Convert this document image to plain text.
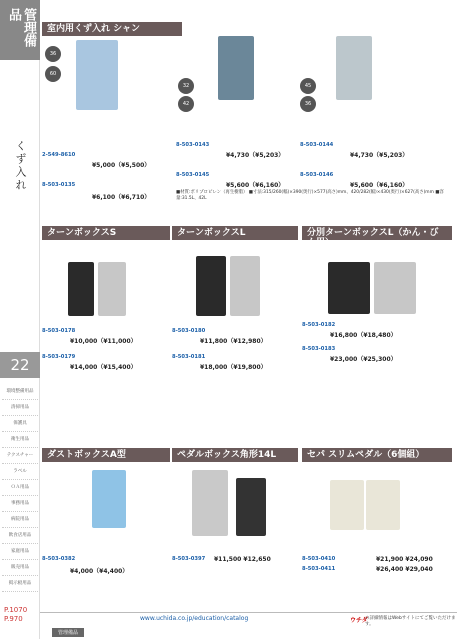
管理備品
くず入れ
22
環境整備用品
清掃用品
保護具
衛生用品
テクスチャー
ラベル
ＯＡ用品
事務用品
病院用品
飲食店用品
家庭用品
販売用品
掲示板用品
P.1070
P.970
室内用くず入れ シャン
36
60
32
42
45
36
2-549-8610
¥5,000（¥5,500）
8-503-0135
¥6,100（¥6,710）
8-503-0143
¥4,730（¥5,203）
8-503-0144
¥4,730（¥5,203）
8-503-0145
¥5,600（¥6,160）
8-503-0146
¥5,600（¥6,160）
■材質:ポリプロピレン（再生樹脂） ■寸法:315/260(幅)×390(奥行)×577(高さ)mm、420/282(幅)×430(奥行)×627(高さ)mm ■容量:31.5L、42L
ターンボックスS	ターンボックスL	分別ターンボックスL（かん・びん用）
8-503-0178
¥10,000（¥11,000）
8-503-0179
¥14,000（¥15,400）
8-503-0180
¥11,800（¥12,980）
8-503-0181
¥18,000（¥19,800）
8-503-0182
¥16,800（¥18,480）
8-503-0183
¥23,000（¥25,300）
ダストボックスA型	ペダルボックス角形14L	セパ スリムペダル（6個組）
8-503-0382
¥4,000（¥4,400）
8-503-0397 ¥11,500 ¥12,650	8-503-0410	¥21,900 ¥24,090
8-503-0411	¥26,400 ¥29,040
www.uchida.co.jp/education/catalog	ウチダ
の詳細情報はWebサイトにてご覧いただけます。
管理備品
